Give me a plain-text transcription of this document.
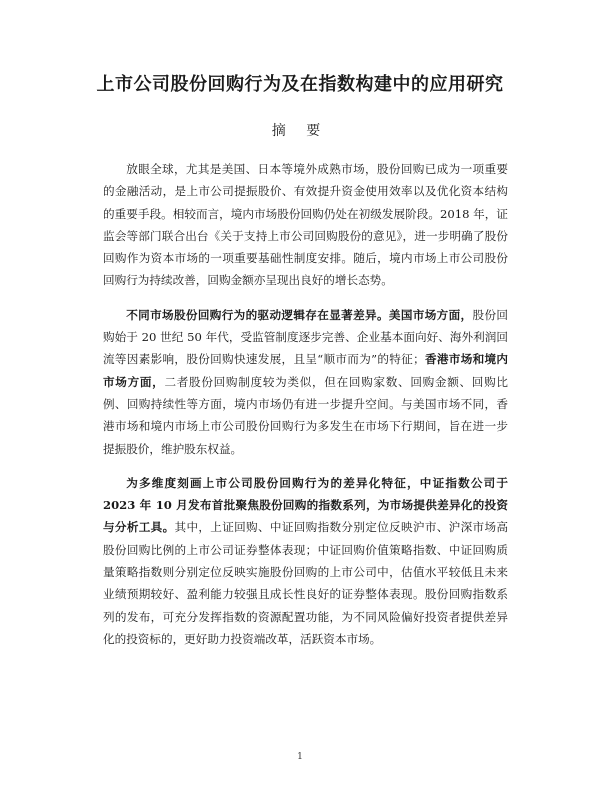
上市公司股份回购行为及在指数构建中的应用研究
摘 要

放眼全球，尤其是美国、日本等境外成熟市场，股份回购已成为一项重要的金融活动，是上市公司提振股价、有效提升资金使用效率以及优化资本结构的重要手段。相较而言，境内市场股份回购仍处在初级发展阶段。2018 年，证监会等部门联合出台《关于支持上市公司回购股份的意见》，进一步明确了股份回购作为资本市场的一项重要基础性制度安排。随后，境内市场上市公司股份回购行为持续改善，回购金额亦呈现出良好的增长态势。

不同市场股份回购行为的驱动逻辑存在显著差异。美国市场方面，股份回购始于 20 世纪 50 年代，受监管制度逐步完善、企业基本面向好、海外利润回流等因素影响，股份回购快速发展，且呈“顺市而为”的特征；香港市场和境内市场方面，二者股份回购制度较为类似，但在回购家数、回购金额、回购比例、回购持续性等方面，境内市场仍有进一步提升空间。与美国市场不同，香港市场和境内市场上市公司股份回购行为多发生在市场下行期间，旨在进一步提振股价，维护股东权益。

为多维度刻画上市公司股份回购行为的差异化特征，中证指数公司于 2023 年 10 月发布首批聚焦股份回购的指数系列，为市场提供差异化的投资与分析工具。其中，上证回购、中证回购指数分别定位反映沪市、沪深市场高股份回购比例的上市公司证券整体表现；中证回购价值策略指数、中证回购质量策略指数则分别定位反映实施股份回购的上市公司中，估值水平较低且未来业绩预期较好、盈利能力较强且成长性良好的证券整体表现。股份回购指数系列的发布，可充分发挥指数的资源配置功能，为不同风险偏好投资者提供差异化的投资标的，更好助力投资端改革，活跃资本市场。

1
